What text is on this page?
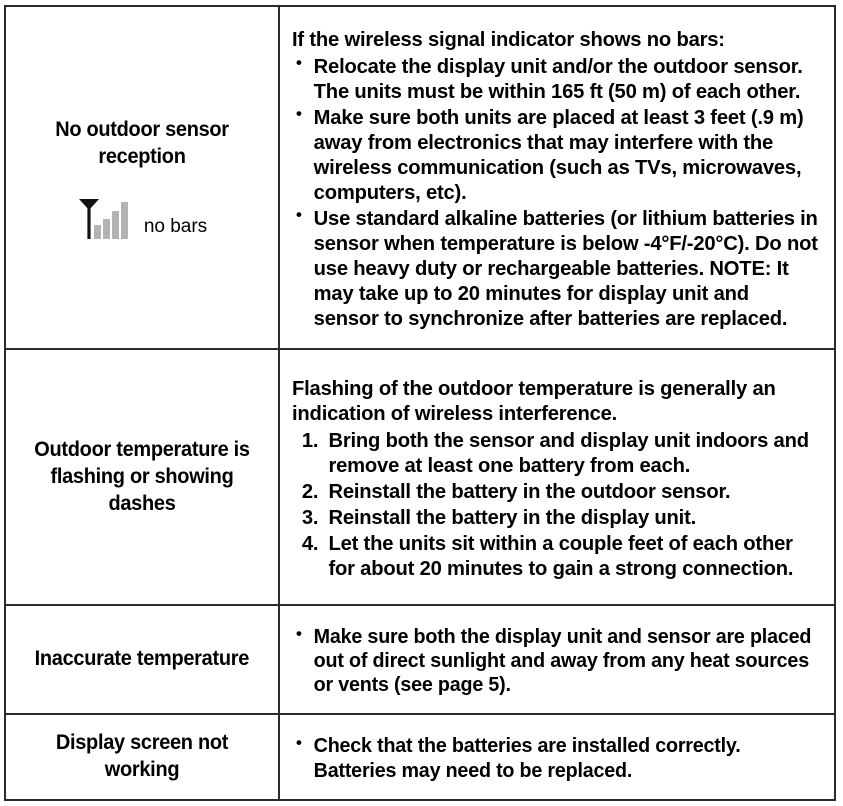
No outdoor sensor reception
no bars

If the wireless signal indicator shows no bars:

• Relocate the display unit and/or the outdoor sensor. The units must be within 165 ft (50 m) of each other.
• Make sure both units are placed at least 3 feet (.9 m) away from electronics that may interfere with the wireless communication (such as TVs, microwaves, computers, etc).
• Use standard alkaline batteries (or lithium batteries in sensor when temperature is below -4°F/-20°C). Do not use heavy duty or rechargeable batteries. NOTE: It may take up to 20 minutes for display unit and sensor to synchronize after batteries are replaced.
Outdoor temperature is flashing or showing dashes

Flashing of the outdoor temperature is generally an indication of wireless interference.

1. Bring both the sensor and display unit indoors and remove at least one battery from each.
2. Reinstall the battery in the outdoor sensor.
3. Reinstall the battery in the display unit.
4. Let the units sit within a couple feet of each other for about 20 minutes to gain a strong connection.
Inaccurate temperature
• Make sure both the display unit and sensor are placed out of direct sunlight and away from any heat sources or vents (see page 5).
Display screen not working
• Check that the batteries are installed correctly. Batteries may need to be replaced.
